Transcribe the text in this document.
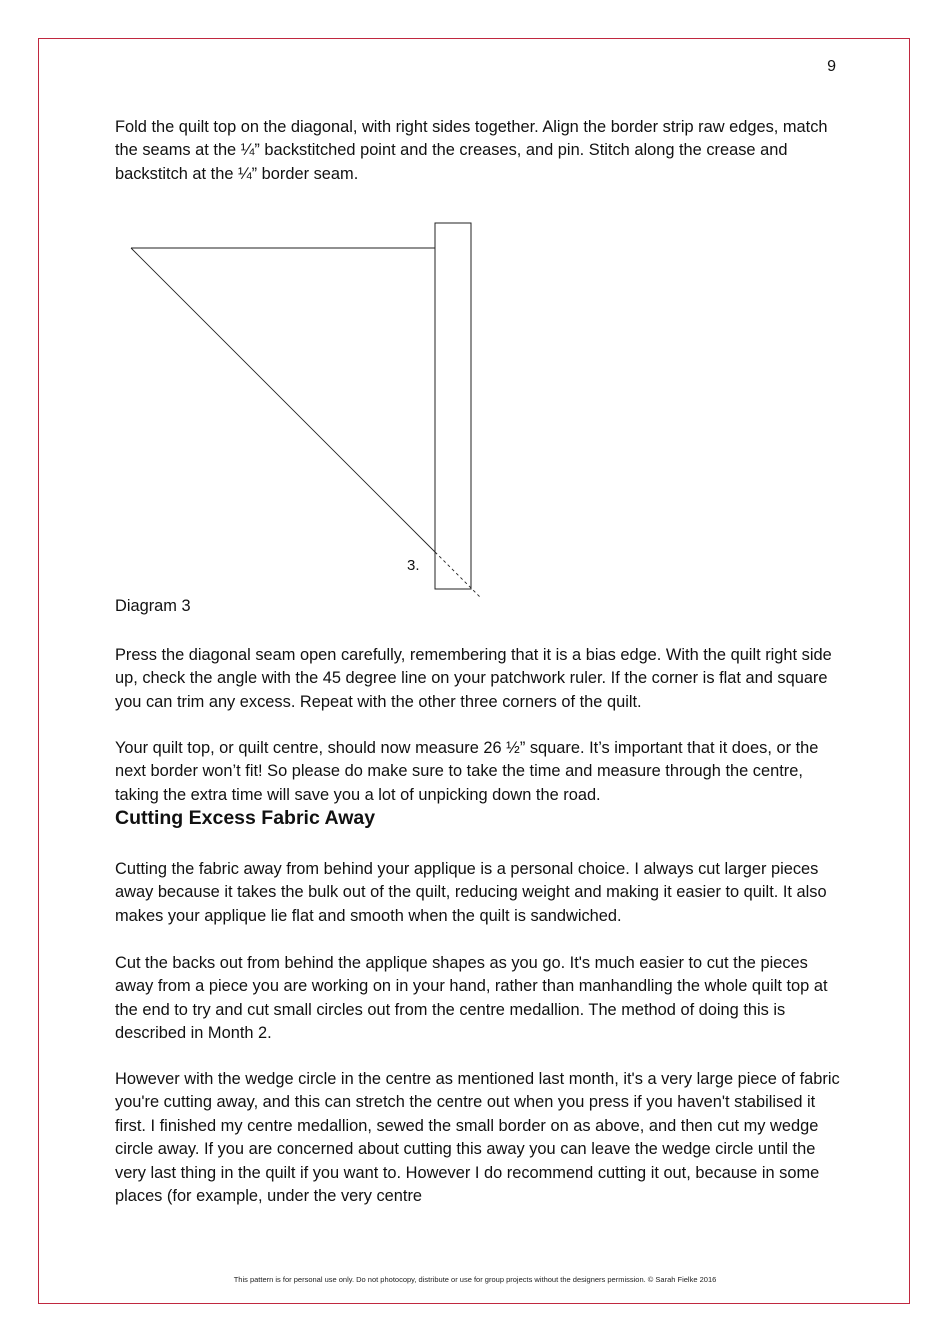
9

Fold the quilt top on the diagonal, with right sides together. Align the border strip raw edges, match the seams at the ¼” backstitched point and the creases, and pin. Stitch along the crease and backstitch at the ¼” border seam.

3.
Diagram 3

Press the diagonal seam open carefully, remembering that it is a bias edge. With the quilt right side up, check the angle with the 45 degree line on your patchwork ruler. If the corner is flat and square you can trim any excess. Repeat with the other three corners of the quilt.

Your quilt top, or quilt centre, should now measure 26 ½” square. It’s important that it does, or the next border won’t fit! So please do make sure to take the time and measure through the centre, taking the extra time will save you a lot of unpicking down the road.

Cutting Excess Fabric Away

Cutting the fabric away from behind your applique is a personal choice. I always cut larger pieces away because it takes the bulk out of the quilt, reducing weight and making it easier to quilt. It also makes your applique lie flat and smooth when the quilt is sandwiched.

Cut the backs out from behind the applique shapes as you go. It's much easier to cut the pieces away from a piece you are working on in your hand, rather than manhandling the whole quilt top at the end to try and cut small circles out from the centre medallion. The method of doing this is described in Month 2.

However with the wedge circle in the centre as mentioned last month, it's a very large piece of fabric you're cutting away, and this can stretch the centre out when you press if you haven't stabilised it first. I finished my centre medallion, sewed the small border on as above, and then cut my wedge circle away. If you are concerned about cutting this away you can leave the wedge circle until the very last thing in the quilt if you want to. However I do recommend cutting it out, because in some places (for example, under the very centre

This pattern is for personal use only. Do not photocopy, distribute or use for group projects without the designers permission. © Sarah Fielke 2016
